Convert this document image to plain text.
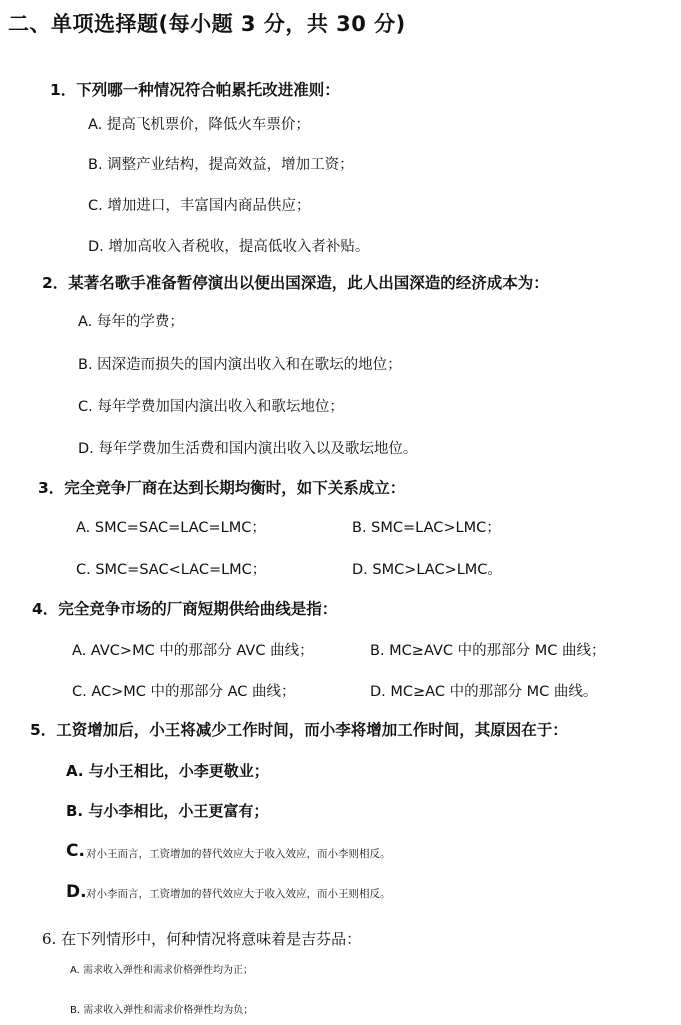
二、单项选择题(每小题 3 分，共 30 分)
1．下列哪一种情况符合帕累托改进准则：
A. 提高飞机票价，降低火车票价；
B. 调整产业结构，提高效益，增加工资；
C. 增加进口，丰富国内商品供应；
D. 增加高收入者税收，提高低收入者补贴。
2．某著名歌手准备暂停演出以便出国深造，此人出国深造的经济成本为：
A. 每年的学费；
B. 因深造而损失的国内演出收入和在歌坛的地位；
C. 每年学费加国内演出收入和歌坛地位；
D. 每年学费加生活费和国内演出收入以及歌坛地位。
3．完全竞争厂商在达到长期均衡时，如下关系成立：
A. SMC=SAC=LAC=LMC；	B. SMC=LAC>LMC；
C. SMC=SAC<LAC=LMC；	D. SMC>LAC>LMC。
4．完全竞争市场的厂商短期供给曲线是指：
A. AVC>MC 中的那部分 AVC 曲线；	B. MC≥AVC 中的那部分 MC 曲线；
C. AC>MC 中的那部分 AC 曲线；	D. MC≥AC 中的那部分 MC 曲线。
5．工资增加后，小王将减少工作时间，而小李将增加工作时间，其原因在于：
A. 与小王相比，小李更敬业；
B. 与小李相比，小王更富有；
C. 对小王而言，工资增加的替代效应大于收入效应，而小李则相反。
D. 对小李而言，工资增加的替代效应大于收入效应，而小王则相反。
6. 在下列情形中，何种情况将意味着是吉芬品：
A. 需求收入弹性和需求价格弹性均为正；
B. 需求收入弹性和需求价格弹性均为负；
